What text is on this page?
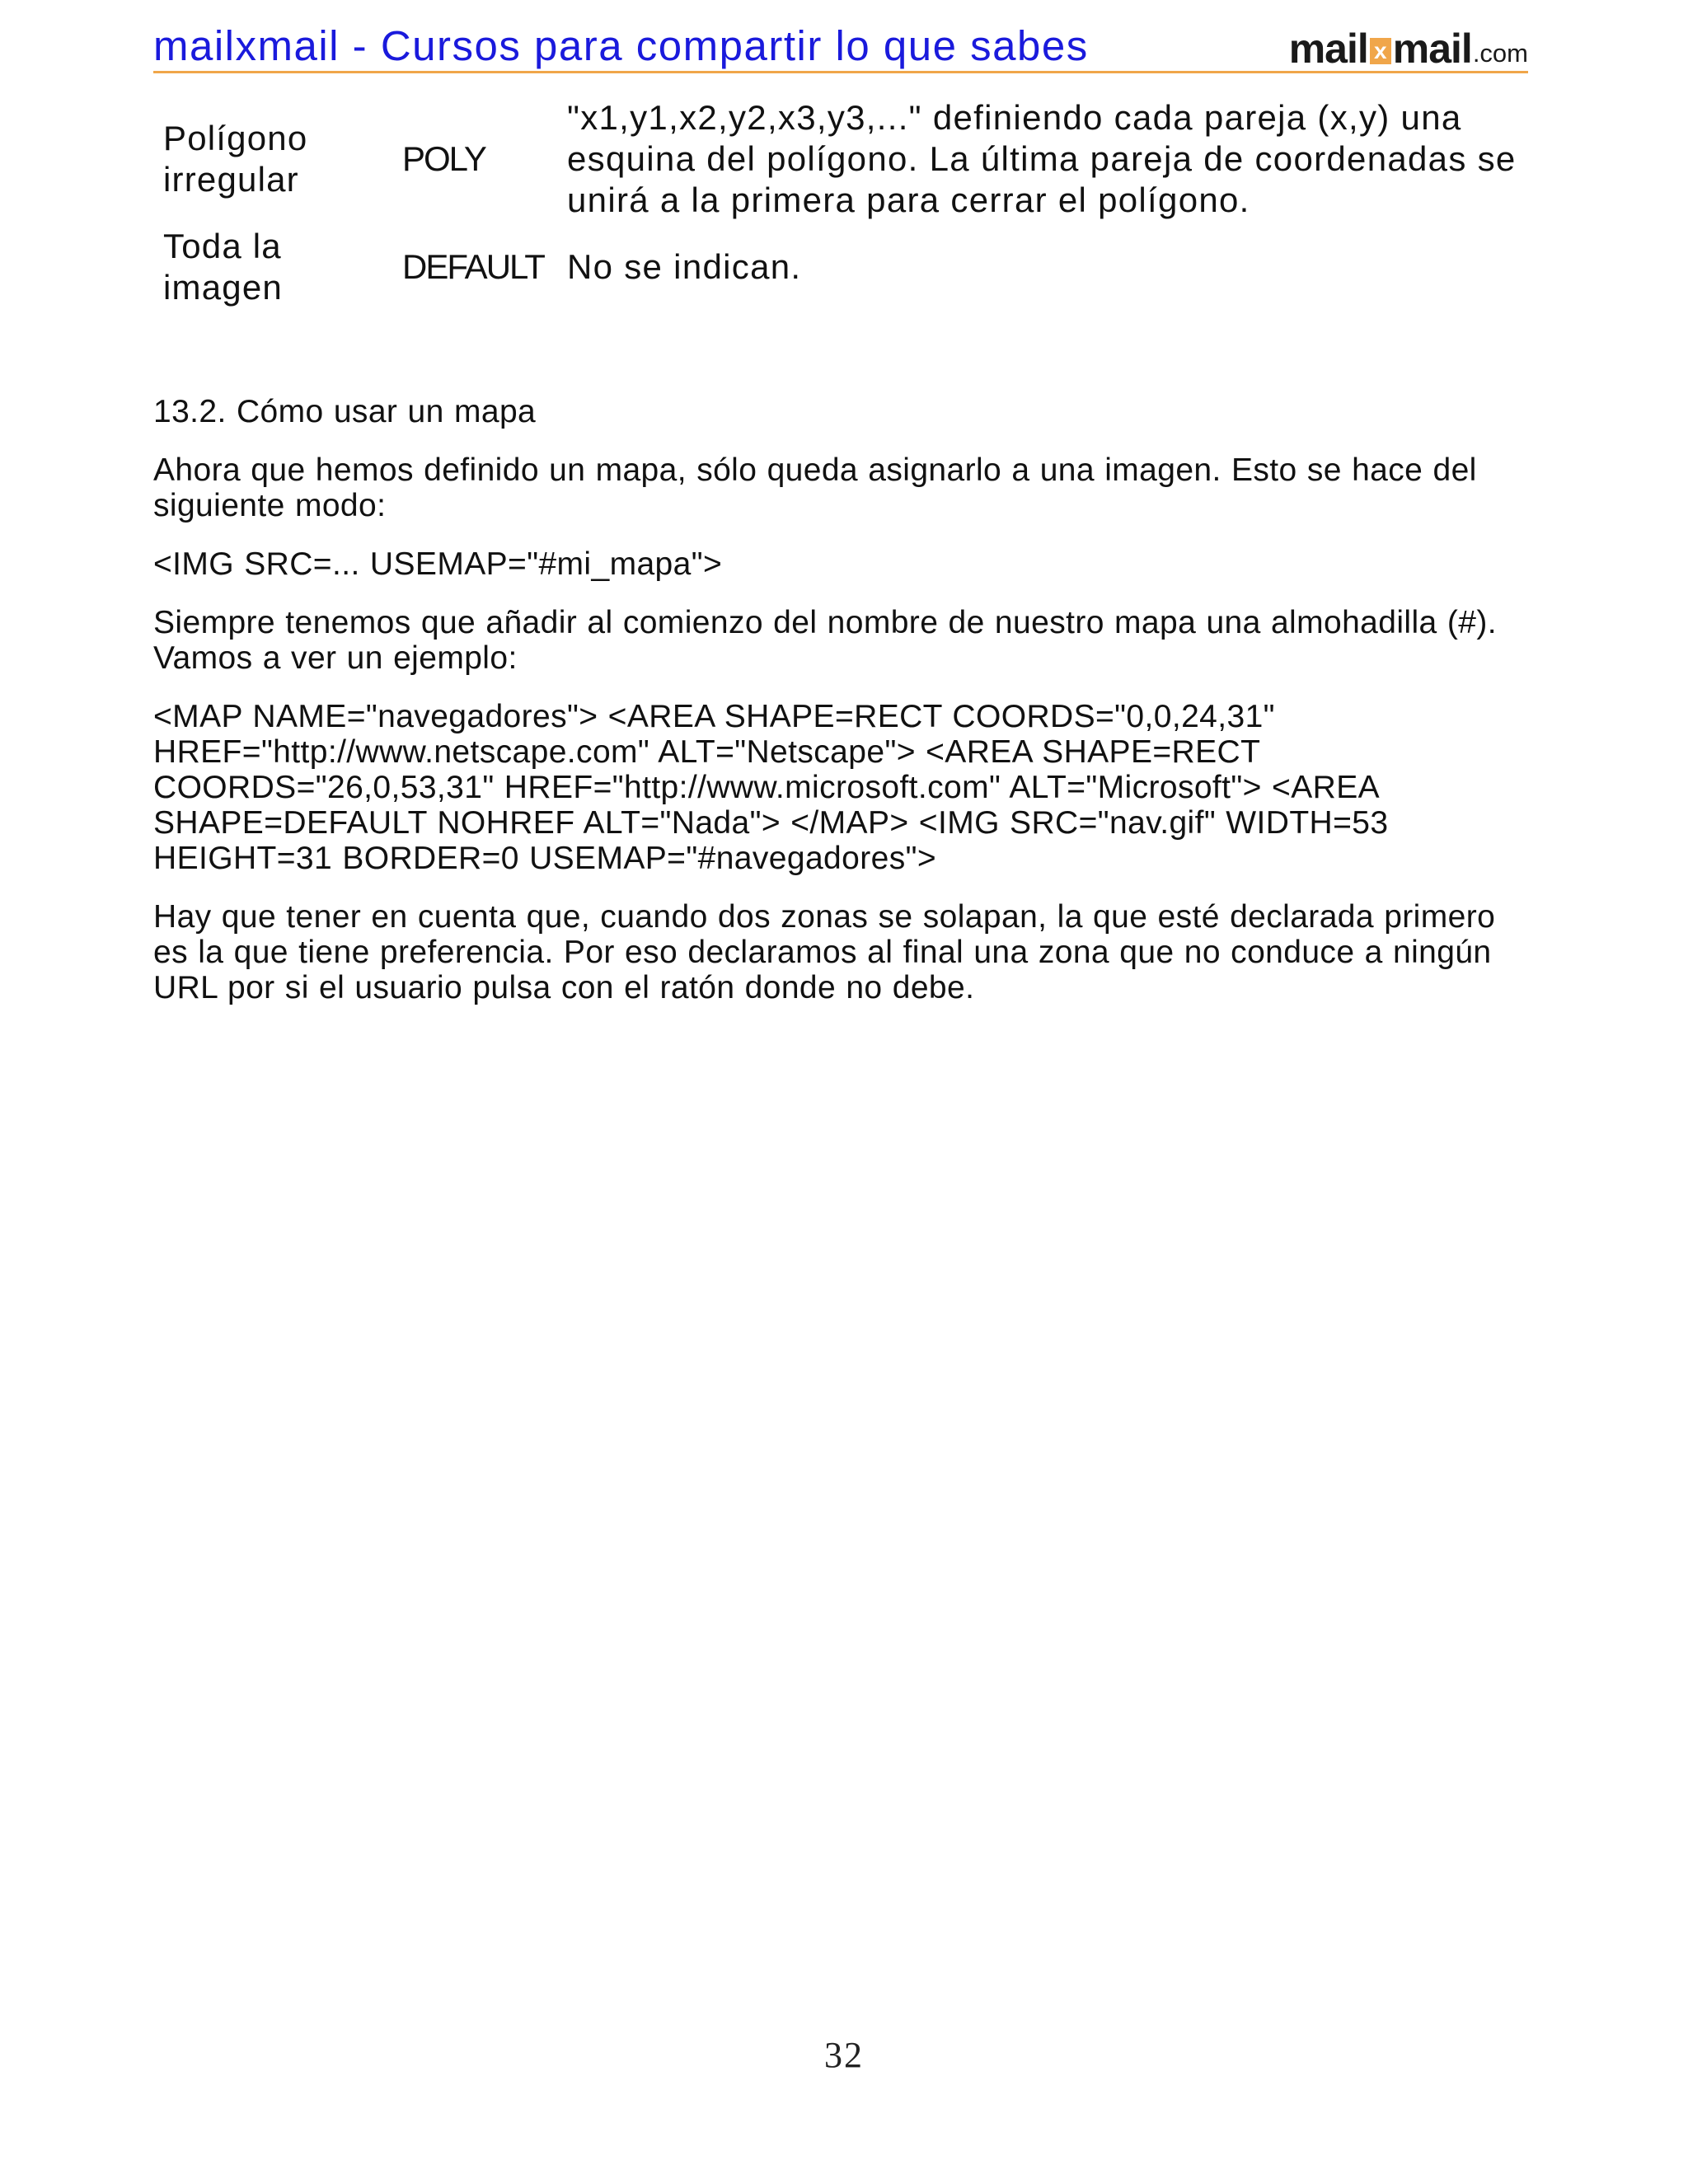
mailxmail - Cursos para compartir lo que sabes	mail x mail .com
Polígono irregular	POLY	"x1,y1,x2,y2,x3,y3,..." definiendo cada pareja (x,y) una esquina del polígono. La última pareja de coordenadas se unirá a la primera para cerrar el polígono.
Toda la imagen	DEFAULT	No se indican.

13.2. Cómo usar un mapa

Ahora que hemos definido un mapa, sólo queda asignarlo a una imagen. Esto se hace del siguiente modo:

<IMG SRC=... USEMAP="#mi_mapa">

Siempre tenemos que añadir al comienzo del nombre de nuestro mapa una almohadilla (#). Vamos a ver un ejemplo:

<MAP NAME="navegadores"> <AREA SHAPE=RECT COORDS="0,0,24,31" HREF="http://www.netscape.com" ALT="Netscape"> <AREA SHAPE=RECT COORDS="26,0,53,31" HREF="http://www.microsoft.com" ALT="Microsoft"> <AREA SHAPE=DEFAULT NOHREF ALT="Nada"> </MAP> <IMG SRC="nav.gif" WIDTH=53 HEIGHT=31 BORDER=0 USEMAP="#navegadores">

Hay que tener en cuenta que, cuando dos zonas se solapan, la que esté declarada primero es la que tiene preferencia. Por eso declaramos al final una zona que no conduce a ningún URL por si el usuario pulsa con el ratón donde no debe.

32
